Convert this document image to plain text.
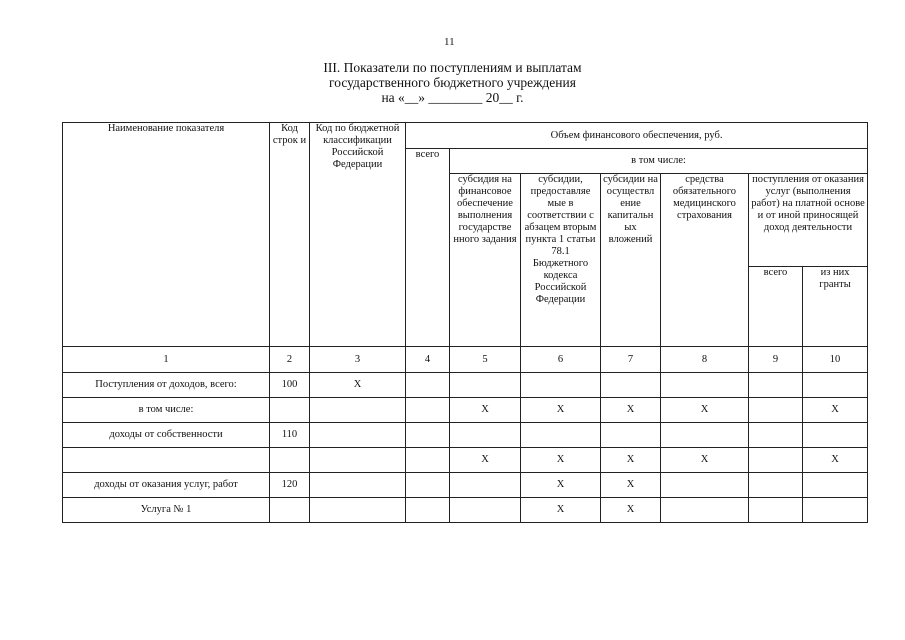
11
III. Показатели по поступлениям и выплатам
государственного бюджетного учреждения
на «__» ________ 20__ г.
Наименование показателя	Код строк и	Код по бюджетной классификации Российской Федерации	Объем финансового обеспечения, руб.						
			всего	в том числе:					
				субсидия на финансовое обеспечение выполнения государстве нного задания	субсидии, предоставляе мые в соответствии с абзацем вторым пункта 1 статьи 78.1 Бюджетного кодекса Российской Федерации	субсидии на осуществл ение капитальн ых вложений	средства обязательного медицинского страхования	поступления от оказания услуг (выполнения работ) на платной основе и от иной приносящей доход деятельности	
								всего	из них гранты
1	2	3	4	5	6	7	8	9	10
Поступления от доходов, всего:	100	Х							
в том числе:				Х	Х	Х	Х		Х
доходы от собственности	110								
				Х	Х	Х	Х		Х
доходы от оказания услуг, работ	120				Х	Х			
Услуга № 1					Х	Х			
